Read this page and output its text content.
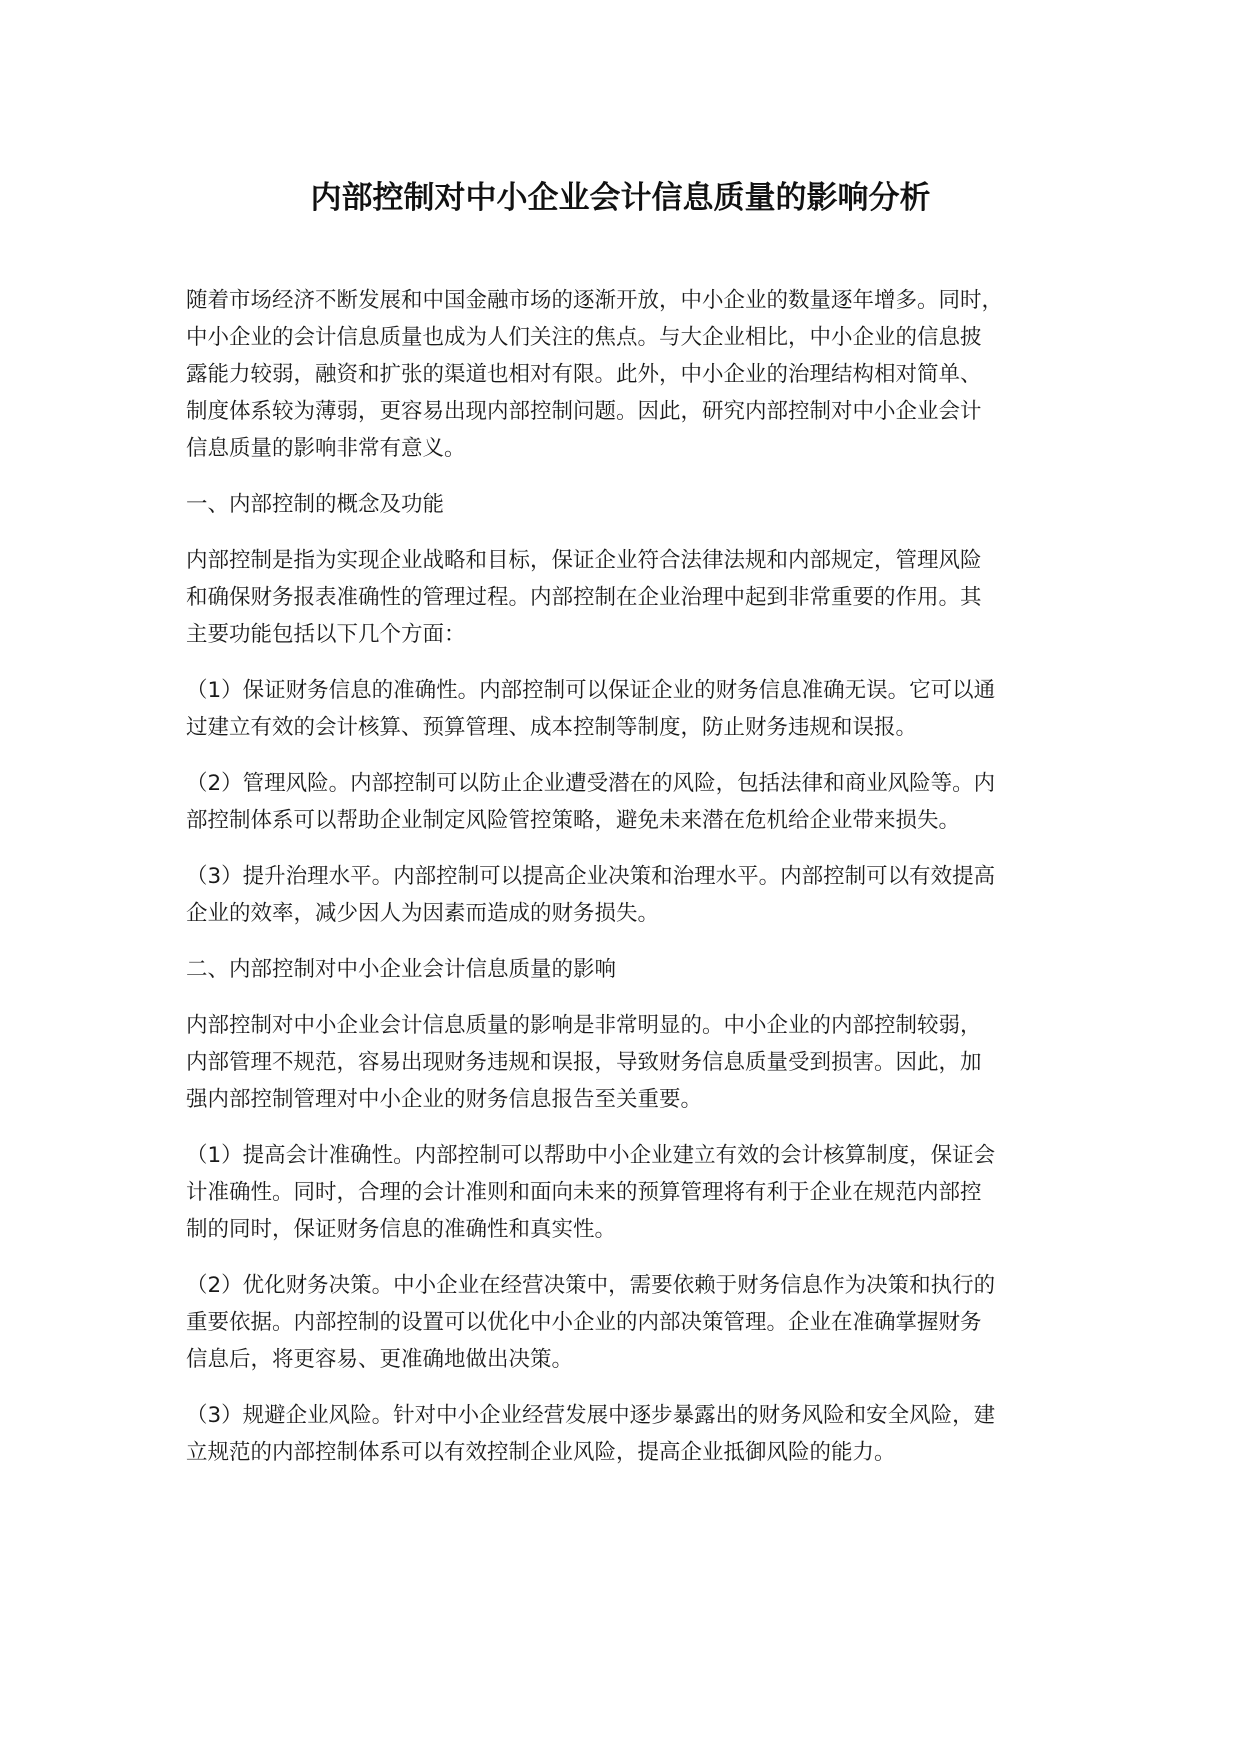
内部控制对中小企业会计信息质量的影响分析

随着市场经济不断发展和中国金融市场的逐渐开放，中小企业的数量逐年增多。同时，
中小企业的会计信息质量也成为人们关注的焦点。与大企业相比，中小企业的信息披
露能力较弱，融资和扩张的渠道也相对有限。此外，中小企业的治理结构相对简单、
制度体系较为薄弱，更容易出现内部控制问题。因此，研究内部控制对中小企业会计
信息质量的影响非常有意义。

一、内部控制的概念及功能

内部控制是指为实现企业战略和目标，保证企业符合法律法规和内部规定，管理风险
和确保财务报表准确性的管理过程。内部控制在企业治理中起到非常重要的作用。其
主要功能包括以下几个方面：

（1）保证财务信息的准确性。内部控制可以保证企业的财务信息准确无误。它可以通
过建立有效的会计核算、预算管理、成本控制等制度，防止财务违规和误报。

（2）管理风险。内部控制可以防止企业遭受潜在的风险，包括法律和商业风险等。内
部控制体系可以帮助企业制定风险管控策略，避免未来潜在危机给企业带来损失。

（3）提升治理水平。内部控制可以提高企业决策和治理水平。内部控制可以有效提高
企业的效率，减少因人为因素而造成的财务损失。

二、内部控制对中小企业会计信息质量的影响

内部控制对中小企业会计信息质量的影响是非常明显的。中小企业的内部控制较弱，
内部管理不规范，容易出现财务违规和误报，导致财务信息质量受到损害。因此，加
强内部控制管理对中小企业的财务信息报告至关重要。

（1）提高会计准确性。内部控制可以帮助中小企业建立有效的会计核算制度，保证会
计准确性。同时，合理的会计准则和面向未来的预算管理将有利于企业在规范内部控
制的同时，保证财务信息的准确性和真实性。

（2）优化财务决策。中小企业在经营决策中，需要依赖于财务信息作为决策和执行的
重要依据。内部控制的设置可以优化中小企业的内部决策管理。企业在准确掌握财务
信息后，将更容易、更准确地做出决策。

（3）规避企业风险。针对中小企业经营发展中逐步暴露出的财务风险和安全风险，建
立规范的内部控制体系可以有效控制企业风险，提高企业抵御风险的能力。
